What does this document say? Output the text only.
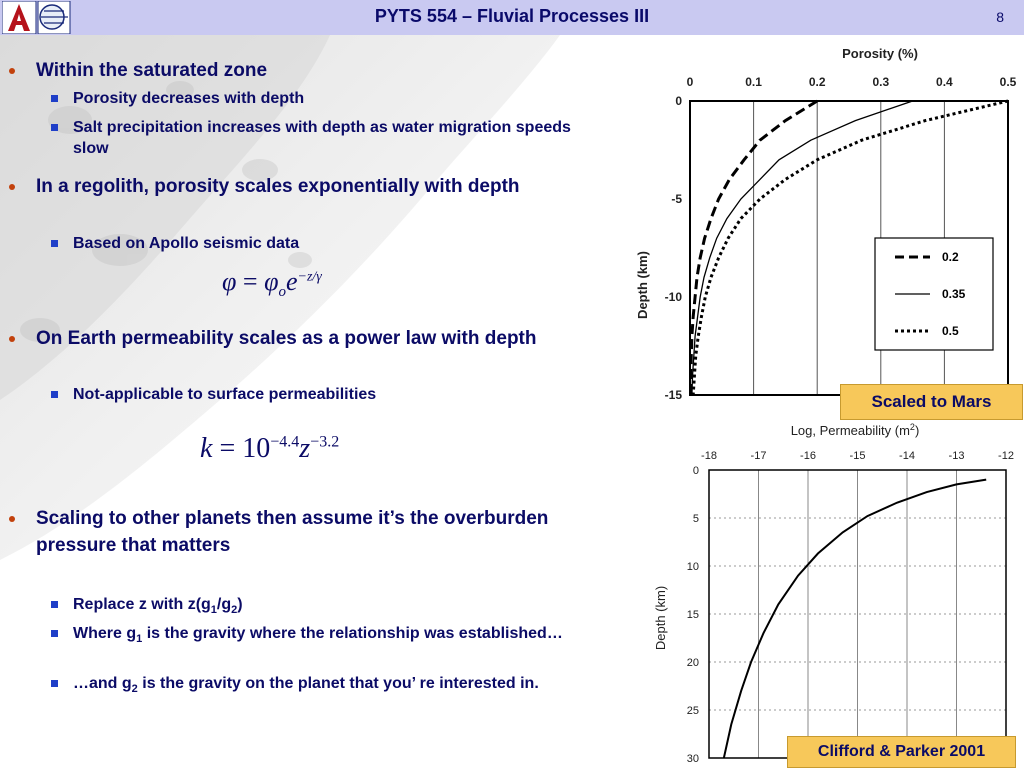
PYTS 554 – Fluvial Processes III	8
Within the saturated zone
Porosity decreases with depth
Salt precipitation increases with depth as water migration speeds slow
In a regolith, porosity scales exponentially with depth
Based on Apollo seismic data
$\varphi = \varphi_oe^{-z/\gamma}$
On Earth permeability scales as a power law with depth
Not-applicable to surface permeabilities
$k = 10^{-4.4}z^{-3.2}$
Scaling to other planets then assume it’s the overburden pressure that matters
Replace z with $z(g_1/g_2)$
Where $g_1$ is the gravity where the relationship was established…
…and $g_2$ is the gravity on the planet that you’ re interested in.
Porosity (%)
Depth (km)
0	0.1	0.2	0.3	0.4	0.5
0
-5
-10
-15
0.2
0.35
0.5
Scaled to Mars
Log, Permeability $(m^2)$
Depth (km)
-18	-17	-16	-15	-14	-13	-12
0
5
10
15
20
25
30	Clifford & Parker 2001
